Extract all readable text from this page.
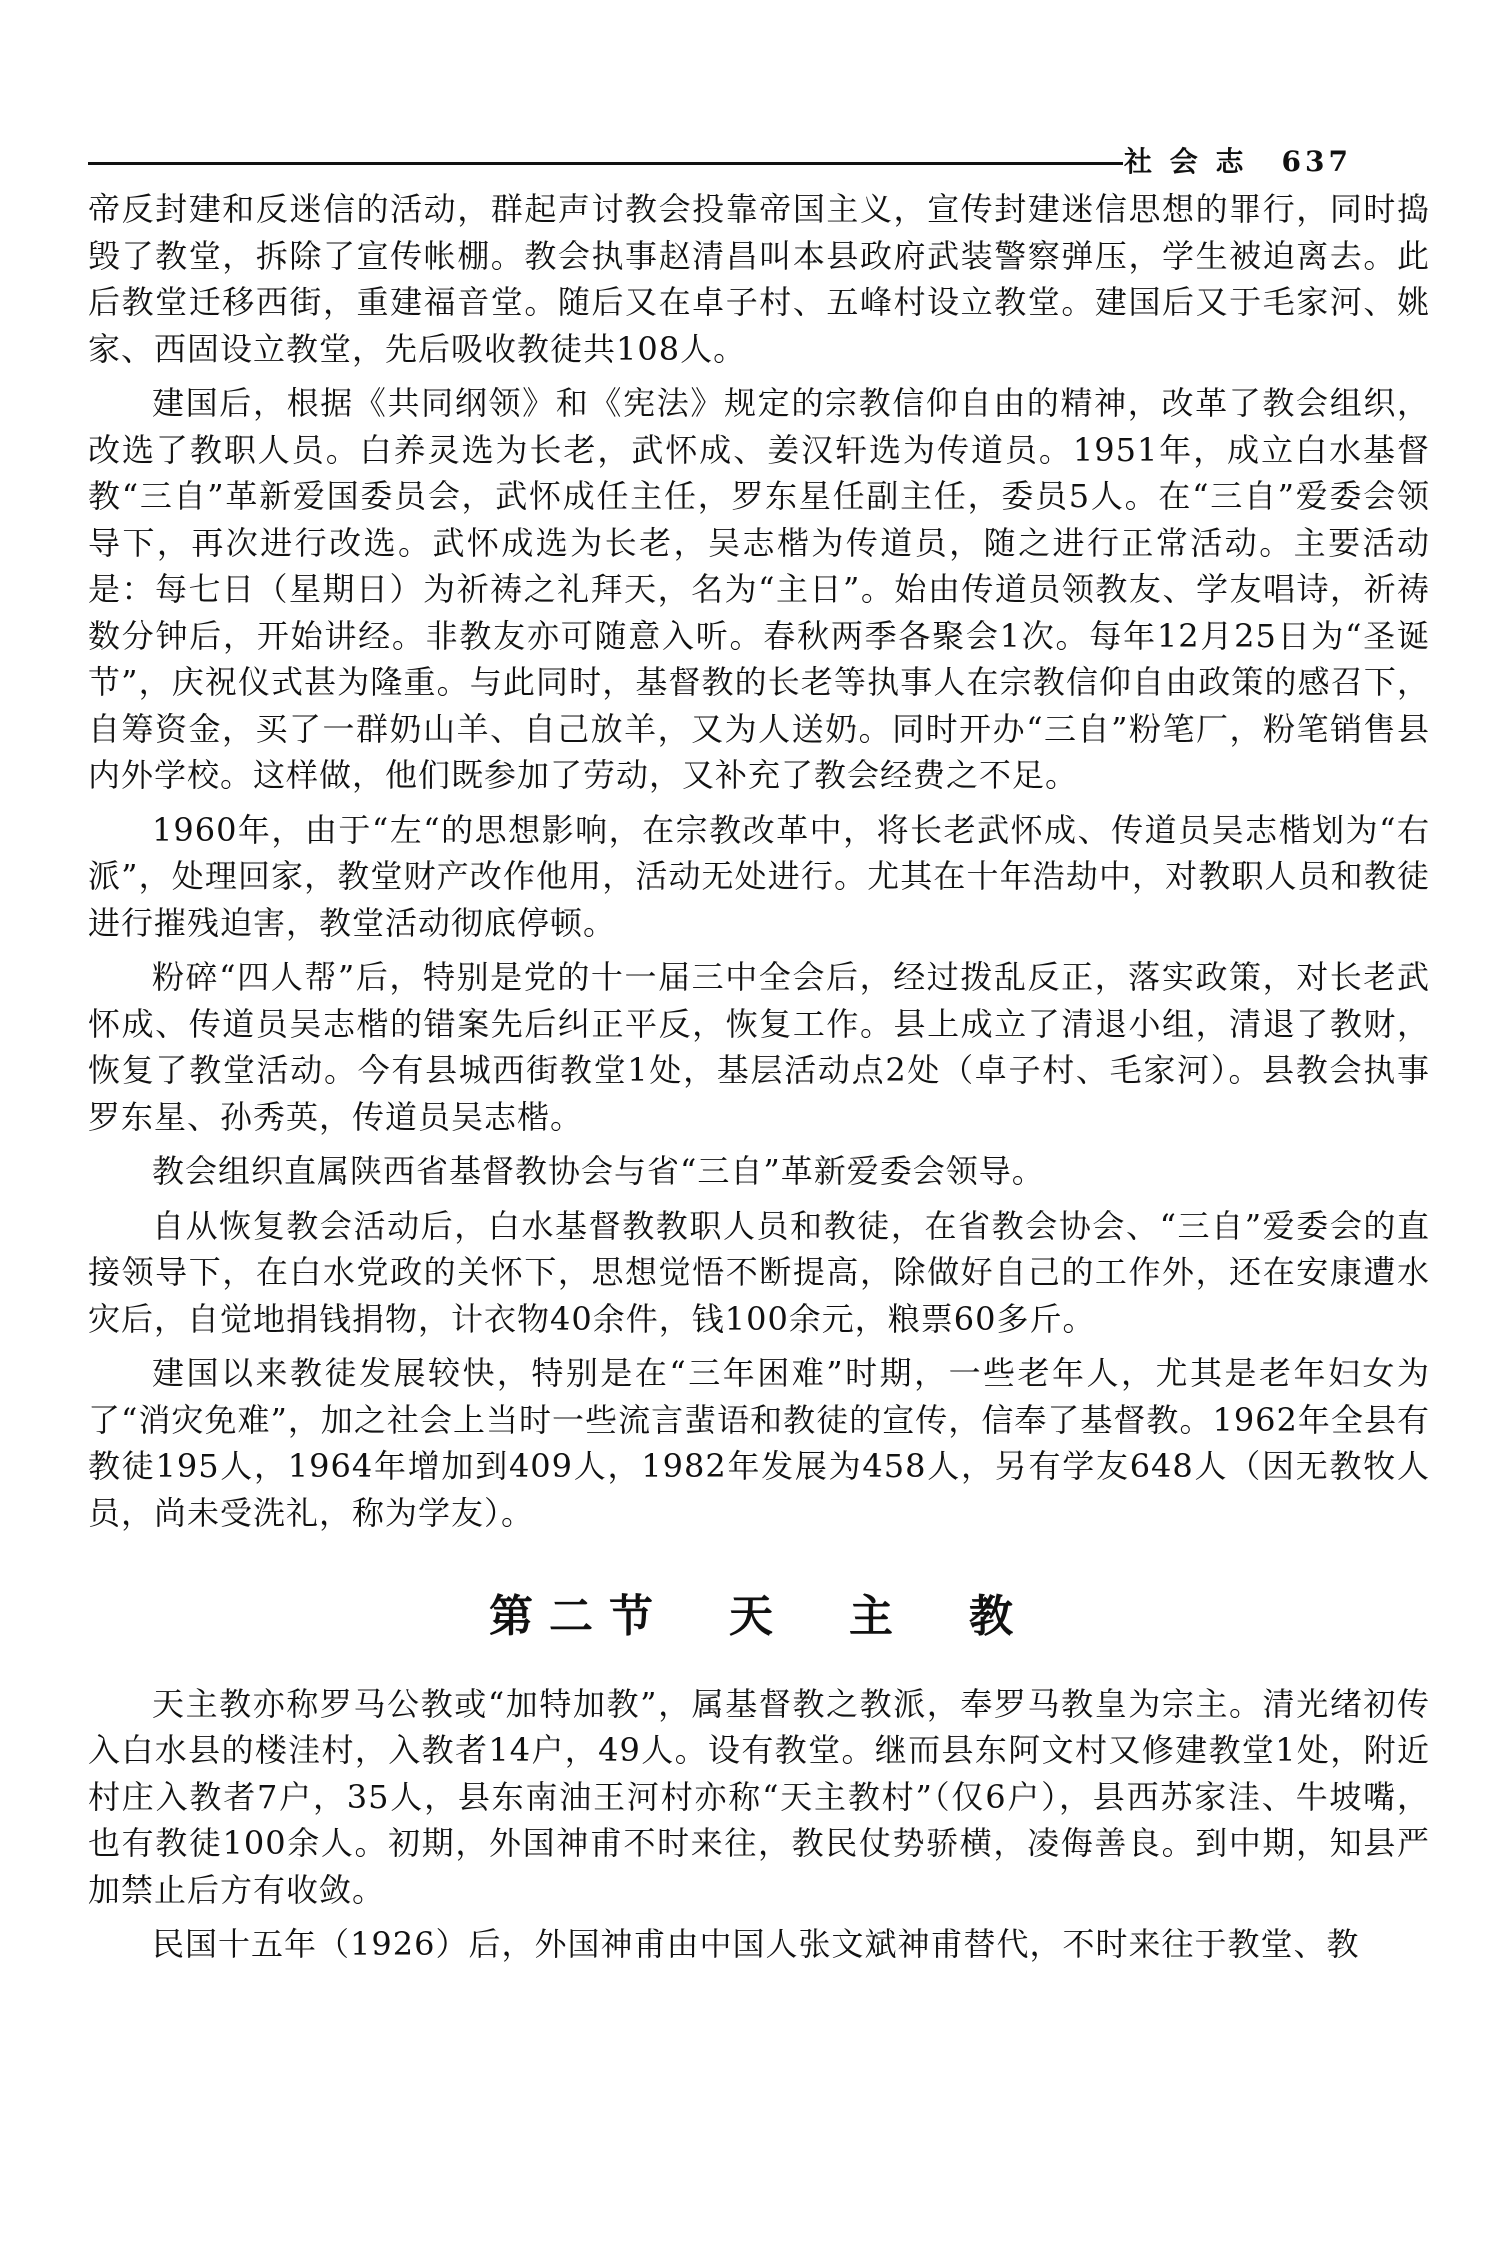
社 会 志 637

帝反封建和反迷信的活动，群起声讨教会投靠帝国主义，宣传封建迷信思想的罪行，同时捣毁了教堂，拆除了宣传帐棚。教会执事赵清昌叫本县政府武装警察弹压，学生被迫离去。此后教堂迁移西街，重建福音堂。随后又在卓子村、五峰村设立教堂。建国后又于毛家河、姚家、西固设立教堂，先后吸收教徒共108人。

建国后，根据《共同纲领》和《宪法》规定的宗教信仰自由的精神，改革了教会组织，改选了教职人员。白养灵选为长老，武怀成、姜汉轩选为传道员。1951年，成立白水基督教“三自”革新爱国委员会，武怀成任主任，罗东星任副主任，委员5人。在“三自”爱委会领导下，再次进行改选。武怀成选为长老，吴志楷为传道员，随之进行正常活动。主要活动是：每七日（星期日）为祈祷之礼拜天，名为“主日”。始由传道员领教友、学友唱诗，祈祷数分钟后，开始讲经。非教友亦可随意入听。春秋两季各聚会1次。每年12月25日为“圣诞节”，庆祝仪式甚为隆重。与此同时，基督教的长老等执事人在宗教信仰自由政策的感召下，自筹资金，买了一群奶山羊、自己放羊，又为人送奶。同时开办“三自”粉笔厂，粉笔销售县内外学校。这样做，他们既参加了劳动，又补充了教会经费之不足。

1960年，由于“左“的思想影响，在宗教改革中，将长老武怀成、传道员吴志楷划为“右派”，处理回家，教堂财产改作他用，活动无处进行。尤其在十年浩劫中，对教职人员和教徒进行摧残迫害，教堂活动彻底停顿。

粉碎“四人帮”后，特别是党的十一届三中全会后，经过拨乱反正，落实政策，对长老武怀成、传道员吴志楷的错案先后纠正平反，恢复工作。县上成立了清退小组，清退了教财，恢复了教堂活动。今有县城西街教堂1处，基层活动点2处（卓子村、毛家河）。县教会执事罗东星、孙秀英，传道员吴志楷。

教会组织直属陕西省基督教协会与省“三自”革新爱委会领导。

自从恢复教会活动后，白水基督教教职人员和教徒，在省教会协会、“三自”爱委会的直接领导下，在白水党政的关怀下，思想觉悟不断提高，除做好自己的工作外，还在安康遭水灾后，自觉地捐钱捐物，计衣物40余件，钱100余元，粮票60多斤。

建国以来教徒发展较快，特别是在“三年困难”时期，一些老年人，尤其是老年妇女为了“消灾免难”，加之社会上当时一些流言蜚语和教徒的宣传，信奉了基督教。1962年全县有教徒195人，1964年增加到409人，1982年发展为458人，另有学友648人（因无教牧人员，尚未受洗礼，称为学友）。

第二节　天　主　教

天主教亦称罗马公教或“加特加教”，属基督教之教派，奉罗马教皇为宗主。清光绪初传入白水县的楼洼村，入教者14户，49人。设有教堂。继而县东阿文村又修建教堂1处，附近村庄入教者7户，35人，县东南油王河村亦称“天主教村”（仅6户），县西苏家洼、牛坡嘴，也有教徒100余人。初期，外国神甫不时来往，教民仗势骄横，凌侮善良。到中期，知县严加禁止后方有收敛。

民国十五年（1926）后，外国神甫由中国人张文斌神甫替代，不时来往于教堂、教
